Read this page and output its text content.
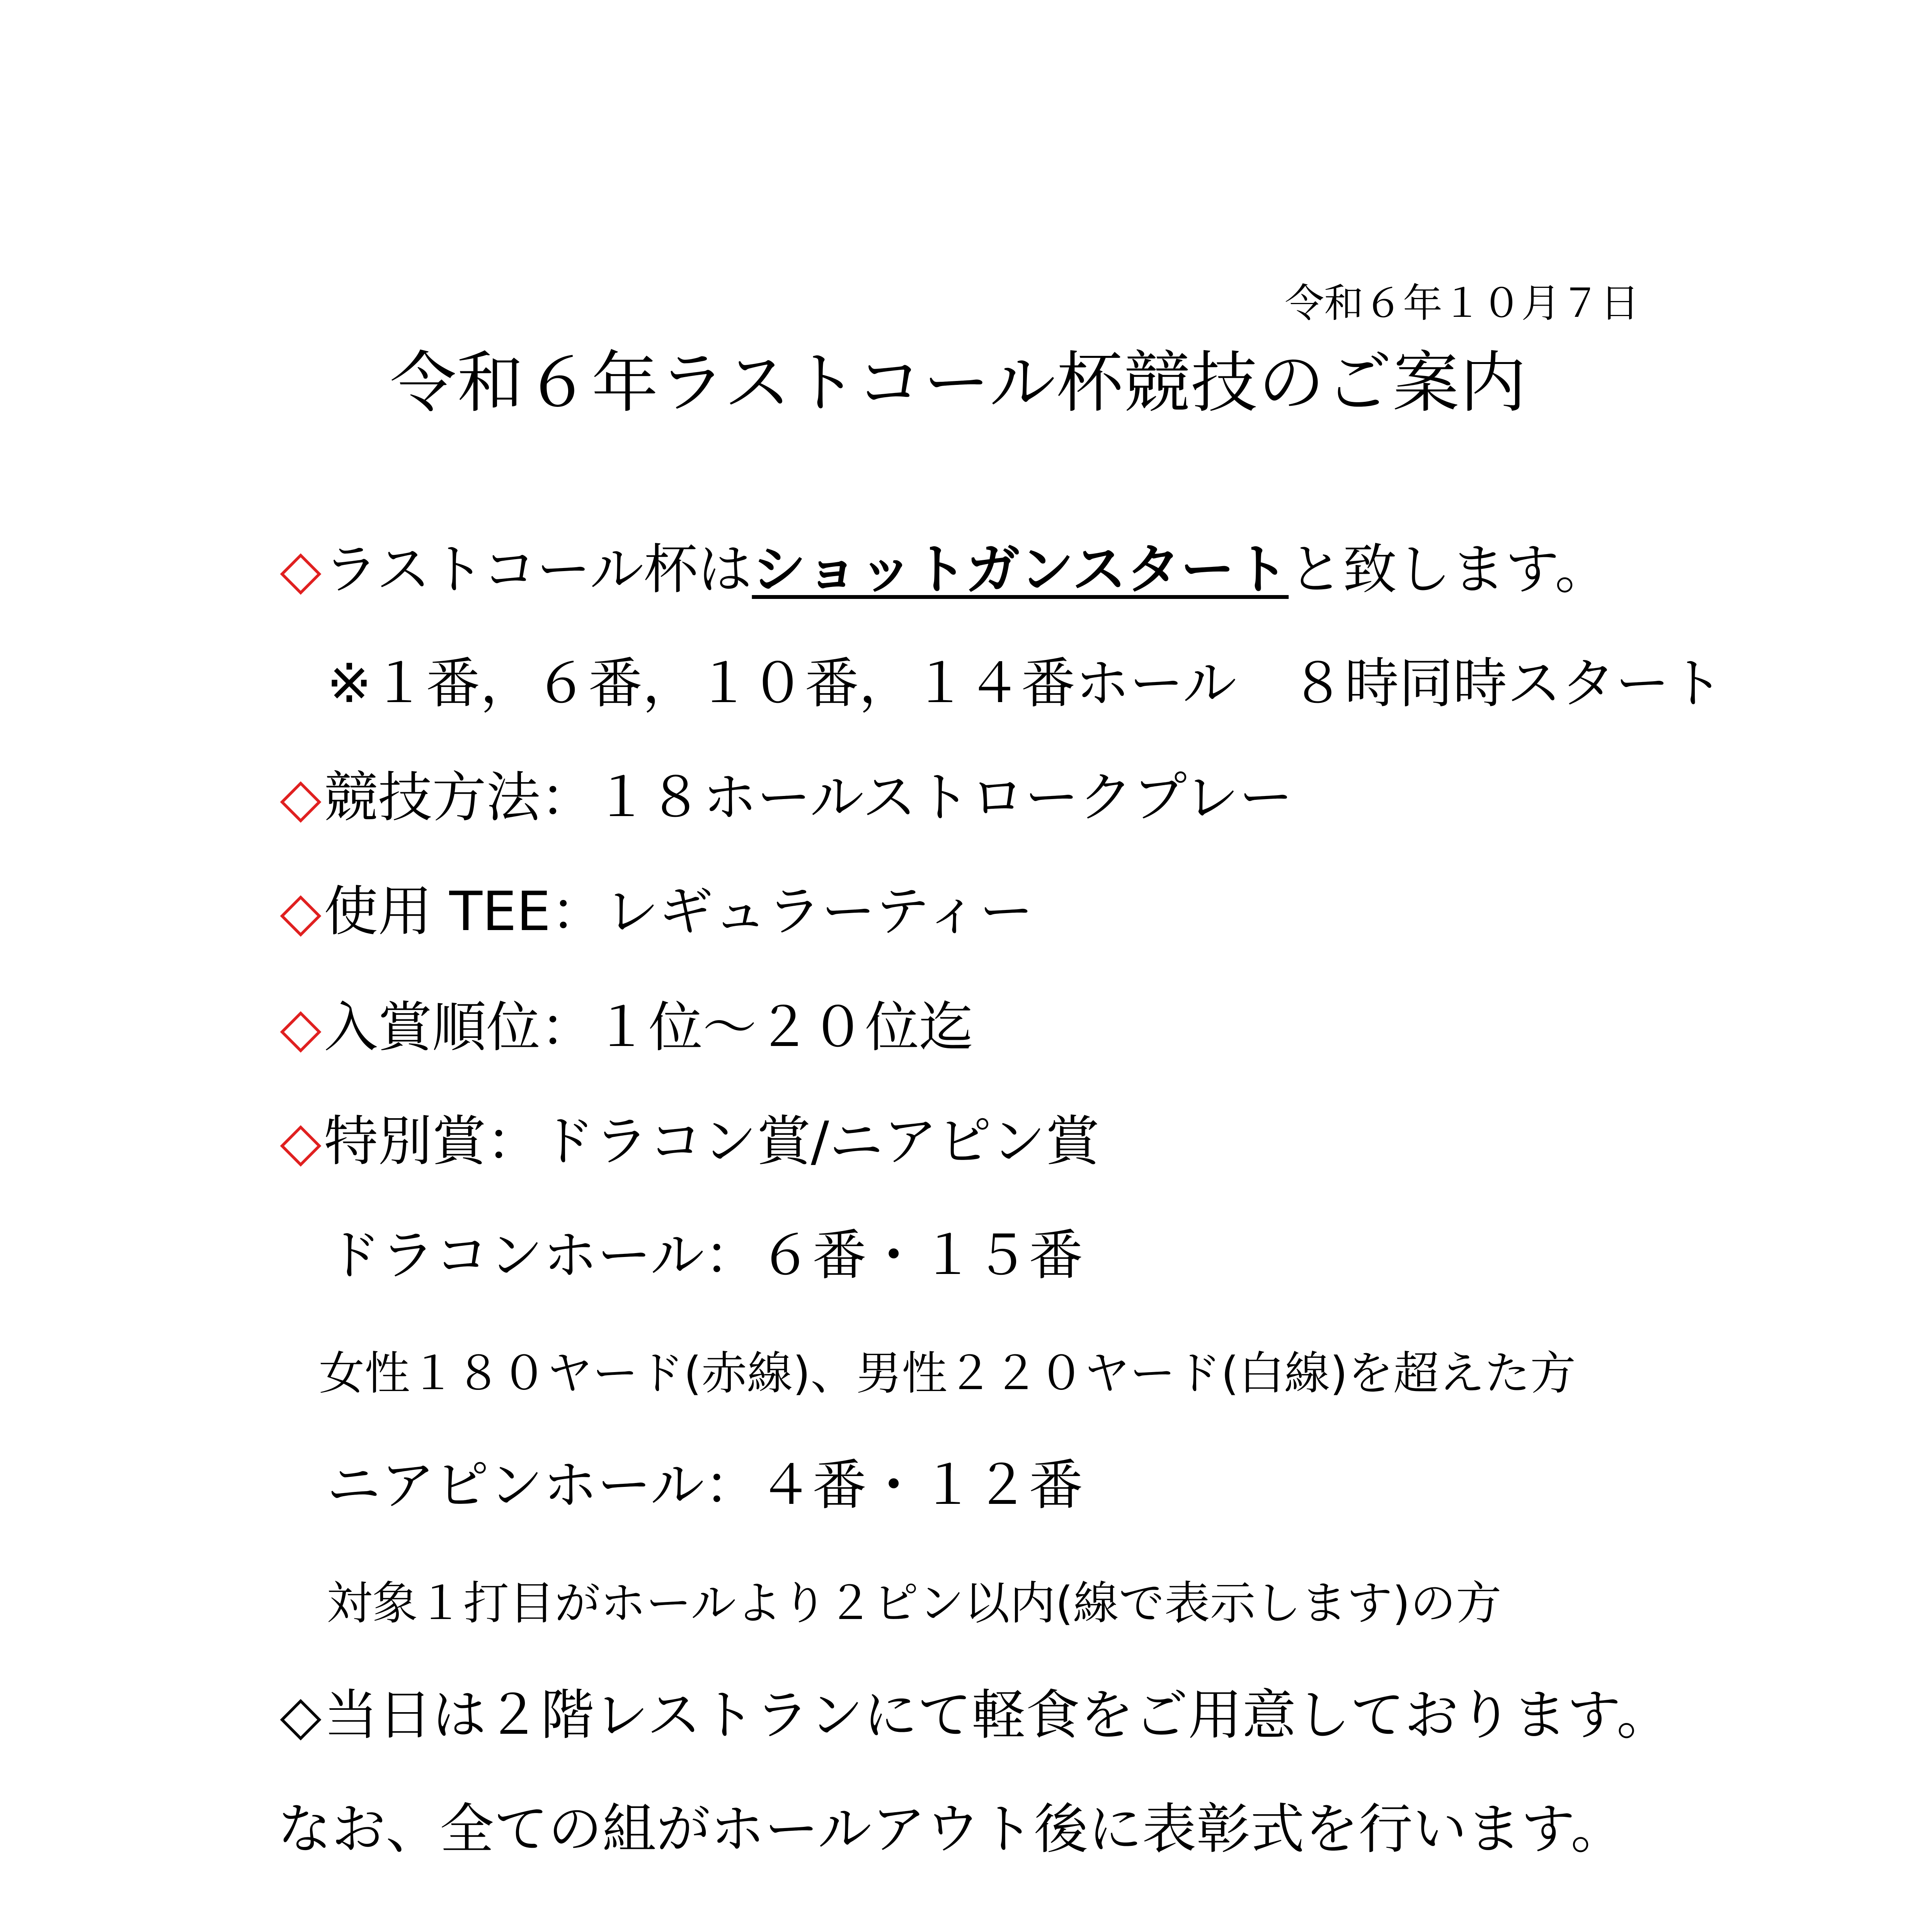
令和６年１０月７日
令和６年ラストコール杯競技のご案内
◇ラストコール杯はショットガンスタートと致します。
※１番，６番，１０番，１４番ホール　８時同時スタート
◇競技方法：１８ホールストロークプレー
◇使用 TEE：レギュラーティー
◇入賞順位：１位～２０位迄
◇特別賞：ドラコン賞/ニアピン賞
ドラコンホール：６番・１５番
女性１８０ヤード(赤線)、男性２２０ヤード(白線)を超えた方
ニアピンホール：４番・１２番
対象１打目がホールより２ピン以内(線で表示します)の方
◇当日は２階レストランにて軽食をご用意しております。
なお、全ての組がホールアウト後に表彰式を行います。
